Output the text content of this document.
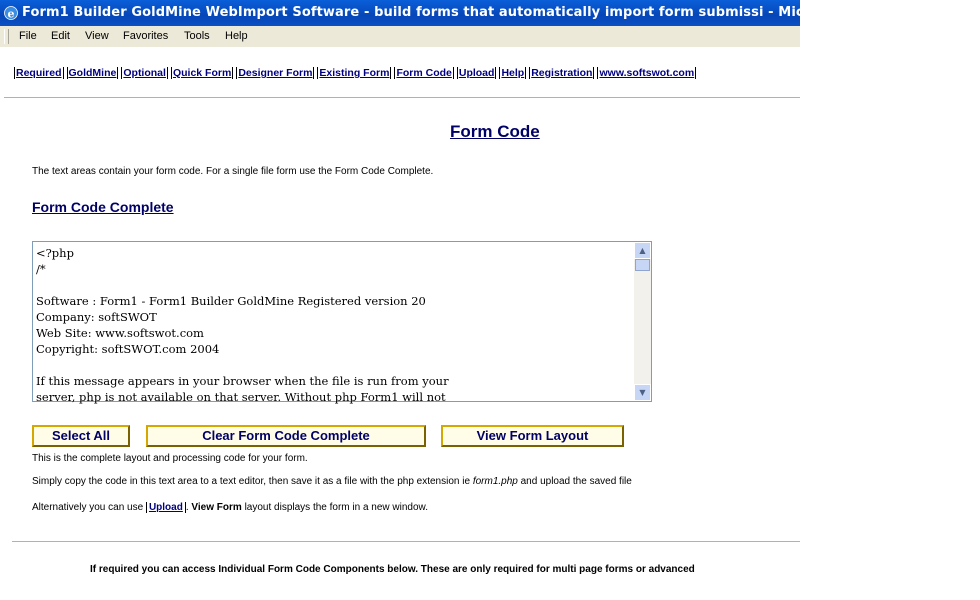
e Form1 Builder GoldMine WebImport Software - build forms that automatically import form submissi - Microsoft Internet Explorer
File Edit View Favorites Tools Help
Required GoldMine Optional Quick Form Designer Form Existing Form Form Code Upload Help Registration www.softswot.com
Form Code
The text areas contain your form code. For a single file form use the Form Code Complete.
Form Code Complete
<?php
/*

Software : Form1 - Form1 Builder GoldMine Registered version 20
Company: softSWOT
Web Site: www.softswot.com
Copyright: softSWOT.com 2004

If this message appears in your browser when the file is run from your
server, php is not available on that server. Without php Form1 will not
▲
▼
Select All	Clear Form Code Complete	View Form Layout
This is the complete layout and processing code for your form.
Simply copy the code in this text area to a text editor, then save it as a file with the php extension ie form1.php and upload the saved file
Alternatively you can use Upload . View Form layout displays the form in a new window.
If required you can access Individual Form Code Components below. These are only required for multi page forms or advanced
